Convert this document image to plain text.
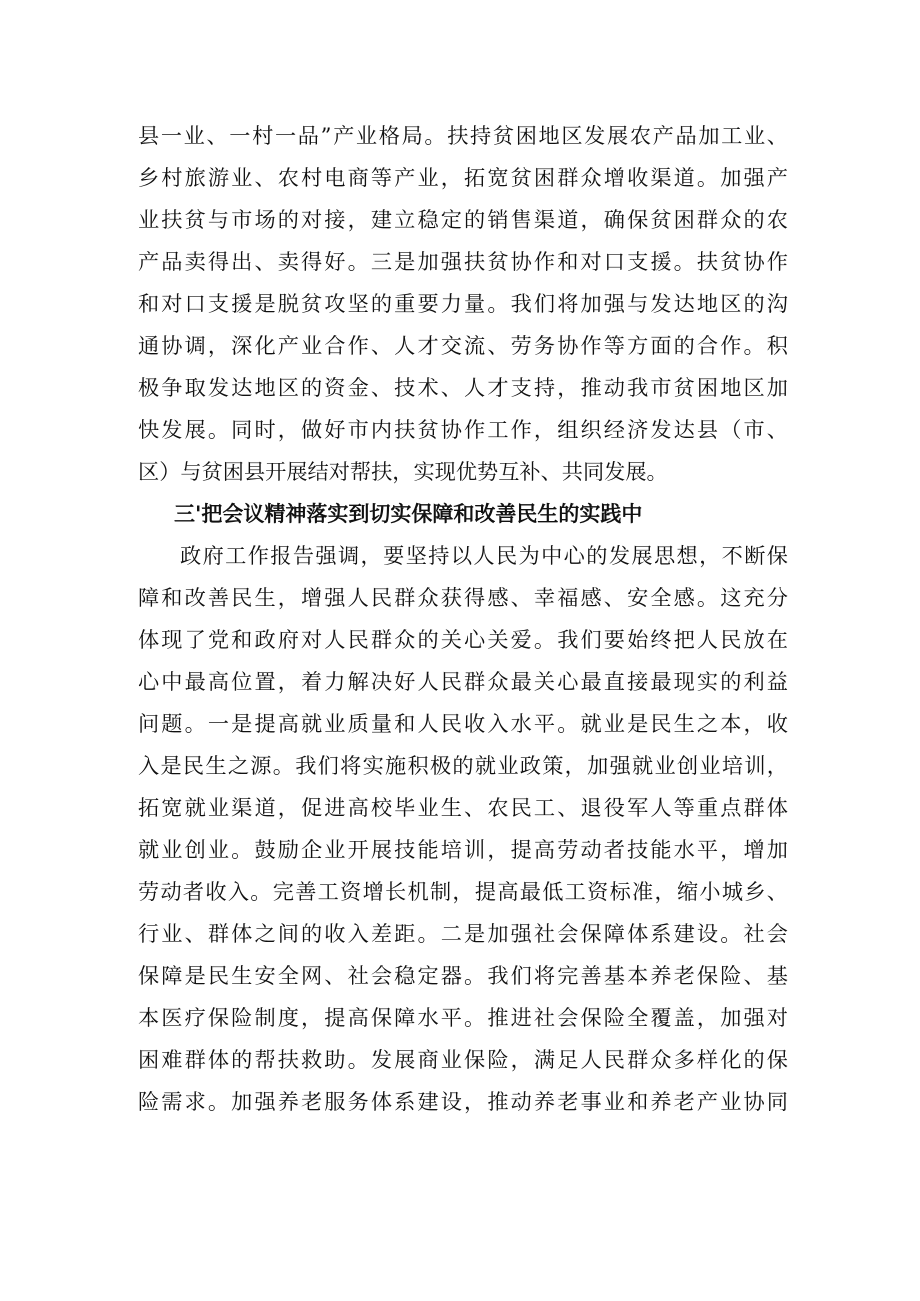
县一业、一村一品”产业格局。扶持贫困地区发展农产品加工业、
乡村旅游业、农村电商等产业，拓宽贫困群众增收渠道。加强产
业扶贫与市场的对接，建立稳定的销售渠道，确保贫困群众的农
产品卖得出、卖得好。三是加强扶贫协作和对口支援。扶贫协作
和对口支援是脱贫攻坚的重要力量。我们将加强与发达地区的沟
通协调，深化产业合作、人才交流、劳务协作等方面的合作。积
极争取发达地区的资金、技术、人才支持，推动我市贫困地区加
快发展。同时，做好市内扶贫协作工作，组织经济发达县（市、
区）与贫困县开展结对帮扶，实现优势互补、共同发展。
三'把会议精神落实到切实保障和改善民生的实践中
政府工作报告强调，要坚持以人民为中心的发展思想，不断保
障和改善民生，增强人民群众获得感、幸福感、安全感。这充分
体现了党和政府对人民群众的关心关爱。我们要始终把人民放在
心中最高位置，着力解决好人民群众最关心最直接最现实的利益
问题。一是提高就业质量和人民收入水平。就业是民生之本，收
入是民生之源。我们将实施积极的就业政策，加强就业创业培训，
拓宽就业渠道，促进高校毕业生、农民工、退役军人等重点群体
就业创业。鼓励企业开展技能培训，提高劳动者技能水平，增加
劳动者收入。完善工资增长机制，提高最低工资标准，缩小城乡、
行业、群体之间的收入差距。二是加强社会保障体系建设。社会
保障是民生安全网、社会稳定器。我们将完善基本养老保险、基
本医疗保险制度，提高保障水平。推进社会保险全覆盖，加强对
困难群体的帮扶救助。发展商业保险，满足人民群众多样化的保
险需求。加强养老服务体系建设，推动养老事业和养老产业协同
